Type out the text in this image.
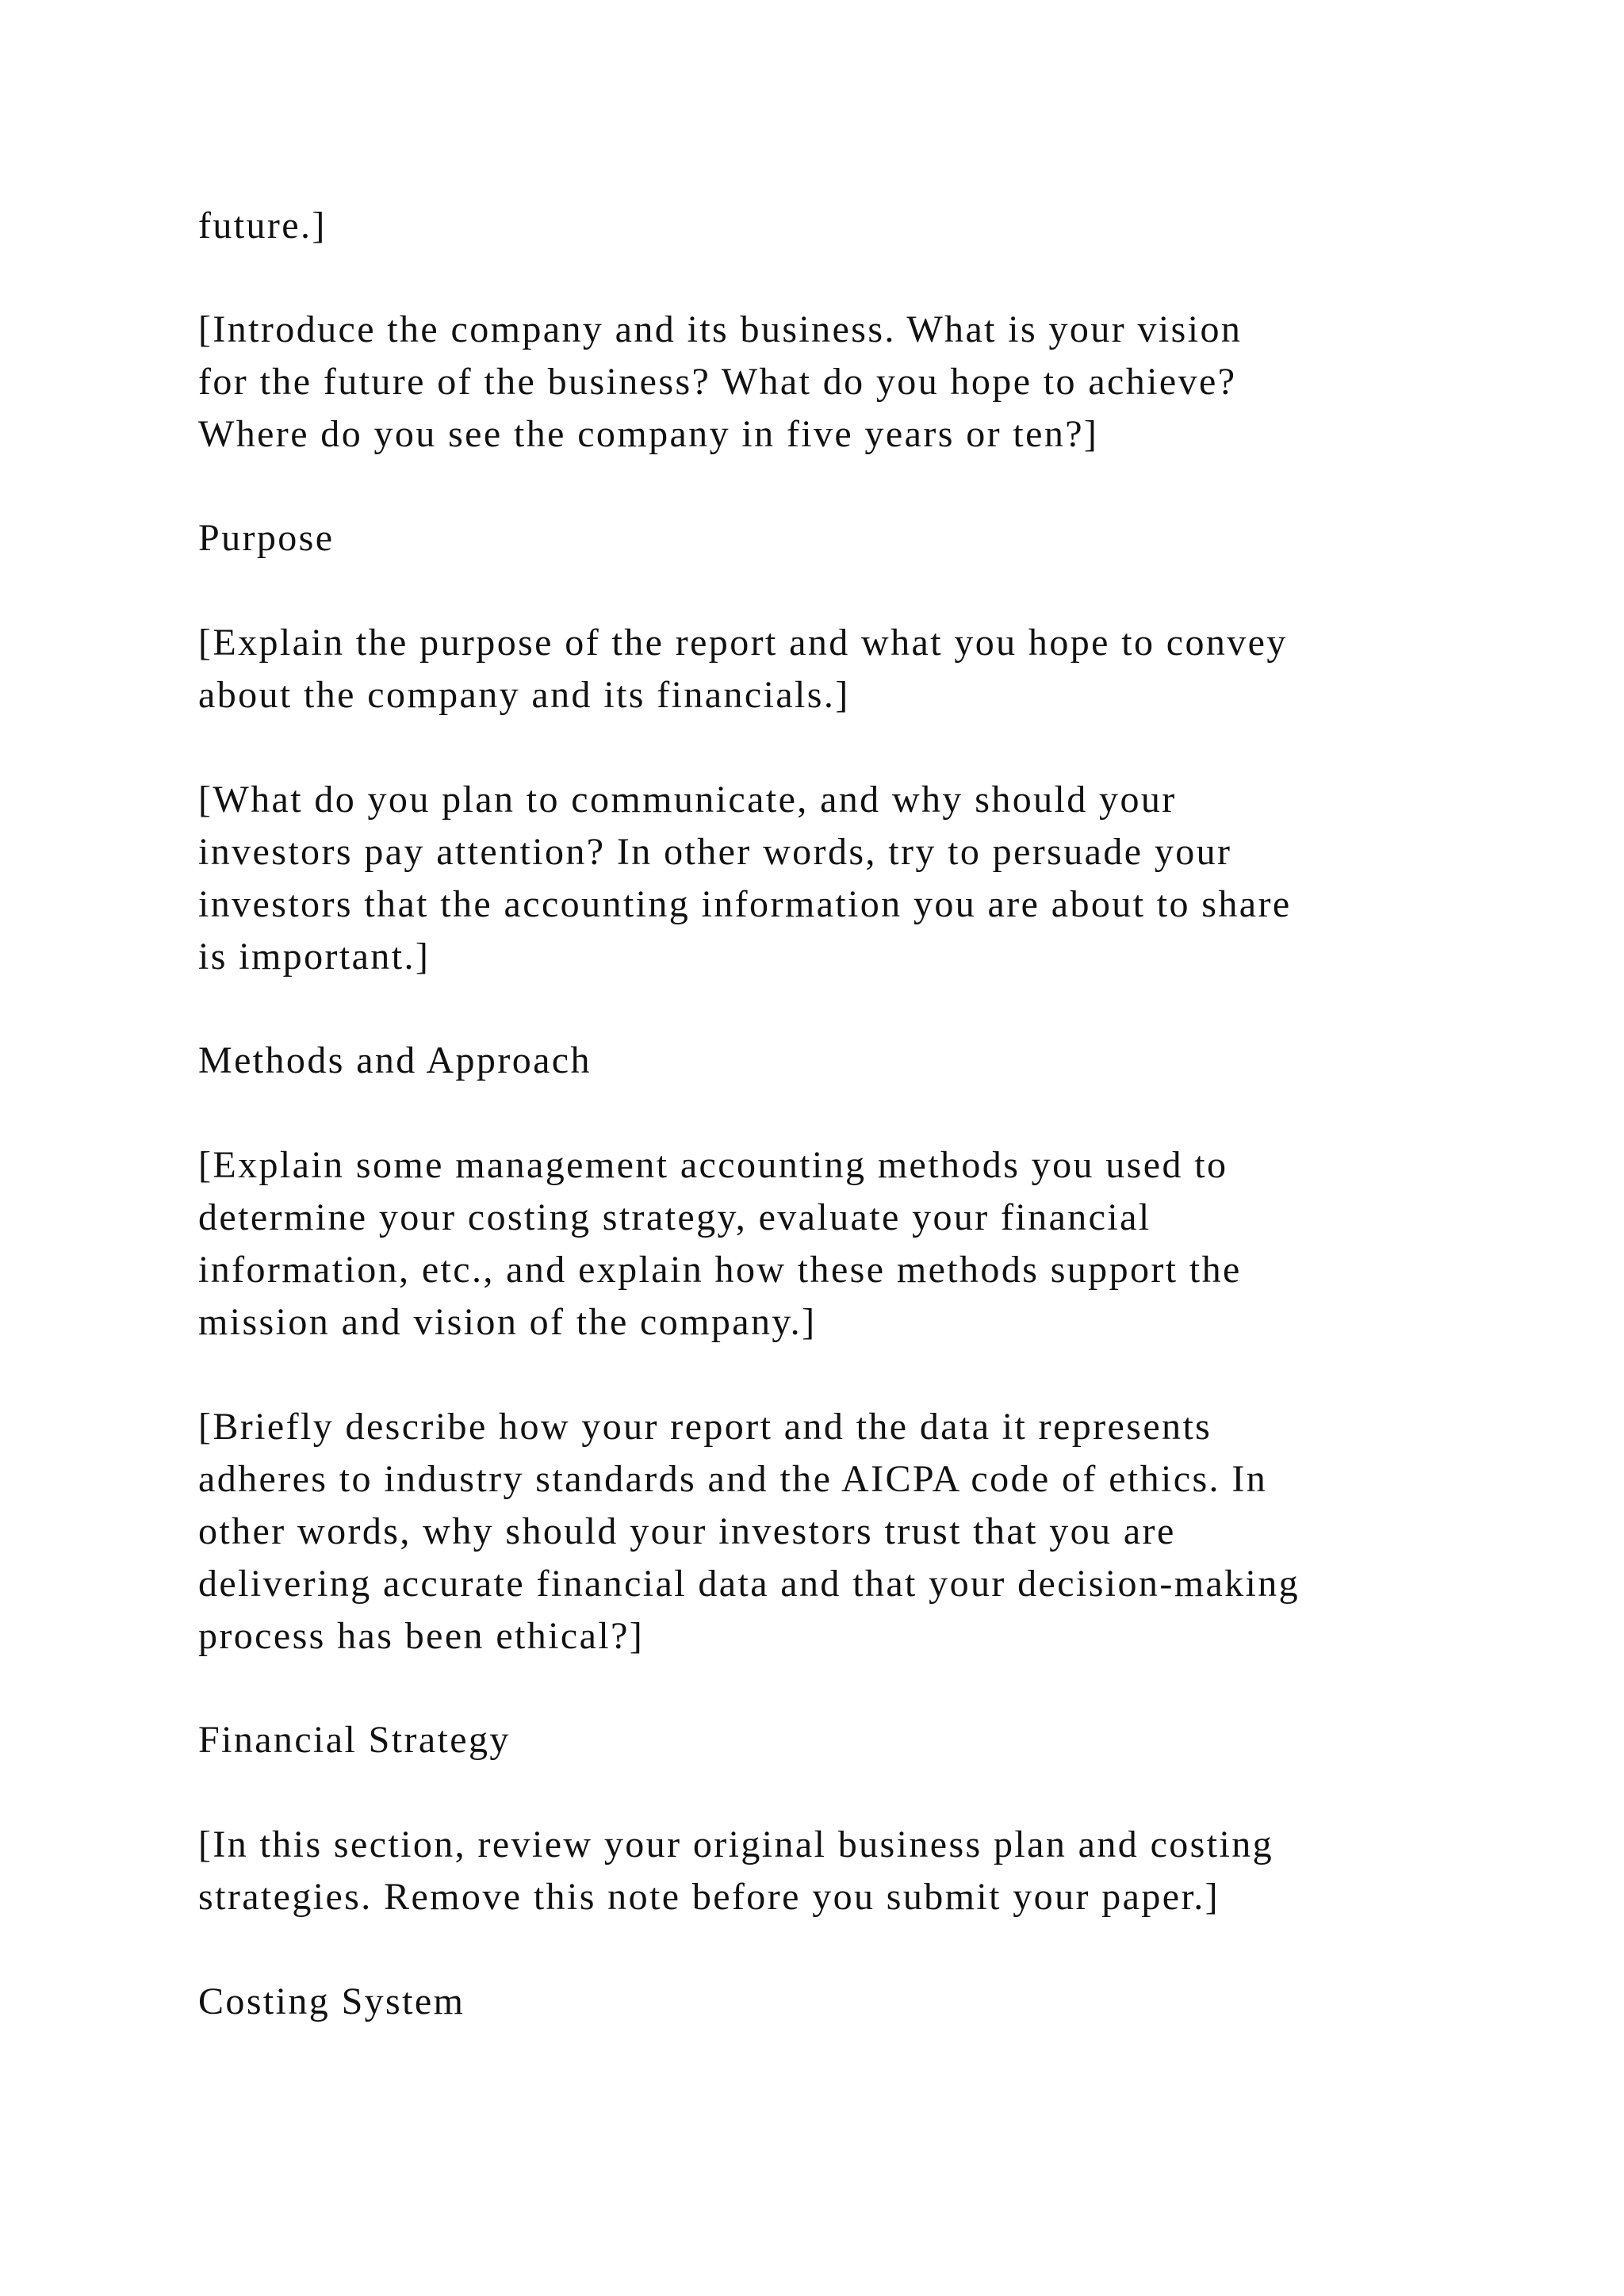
future.]

[Introduce the company and its business. What is your vision

for the future of the business? What do you hope to achieve?

Where do you see the company in five years or ten?]

Purpose

[Explain the purpose of the report and what you hope to convey

about the company and its financials.]

[What do you plan to communicate, and why should your

investors pay attention? In other words, try to persuade your

investors that the accounting information you are about to share

is important.]

Methods and Approach

[Explain some management accounting methods you used to

determine your costing strategy, evaluate your financial

information, etc., and explain how these methods support the

mission and vision of the company.]

[Briefly describe how your report and the data it represents

adheres to industry standards and the AICPA code of ethics. In

other words, why should your investors trust that you are

delivering accurate financial data and that your decision-making

process has been ethical?]

Financial Strategy

[In this section, review your original business plan and costing

strategies. Remove this note before you submit your paper.]

Costing System
